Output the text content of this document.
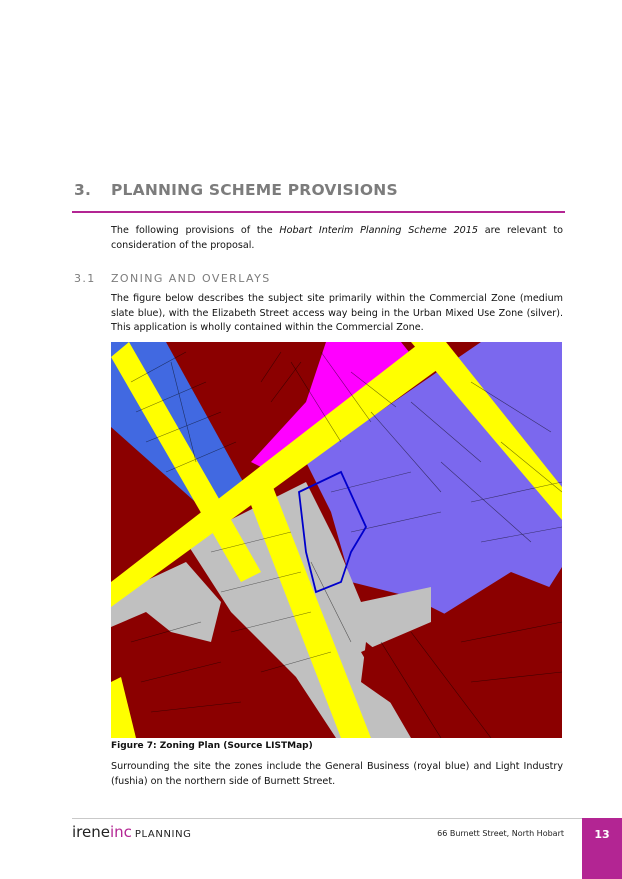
3. PLANNING SCHEME PROVISIONS
The following provisions of the Hobart Interim Planning Scheme 2015 are relevant to consideration of the proposal.
3.1 ZONING AND OVERLAYS
The figure below describes the subject site primarily within the Commercial Zone (medium slate blue), with the Elizabeth Street access way being in the Urban Mixed Use Zone (silver). This application is wholly contained within the Commercial Zone.
Figure 7: Zoning Plan (Source LISTMap)
Surrounding the site the zones include the General Business (royal blue) and Light Industry (fushia) on the northern side of Burnett Street.
ireneinc PLANNING	66 Burnett Street, North Hobart	13
